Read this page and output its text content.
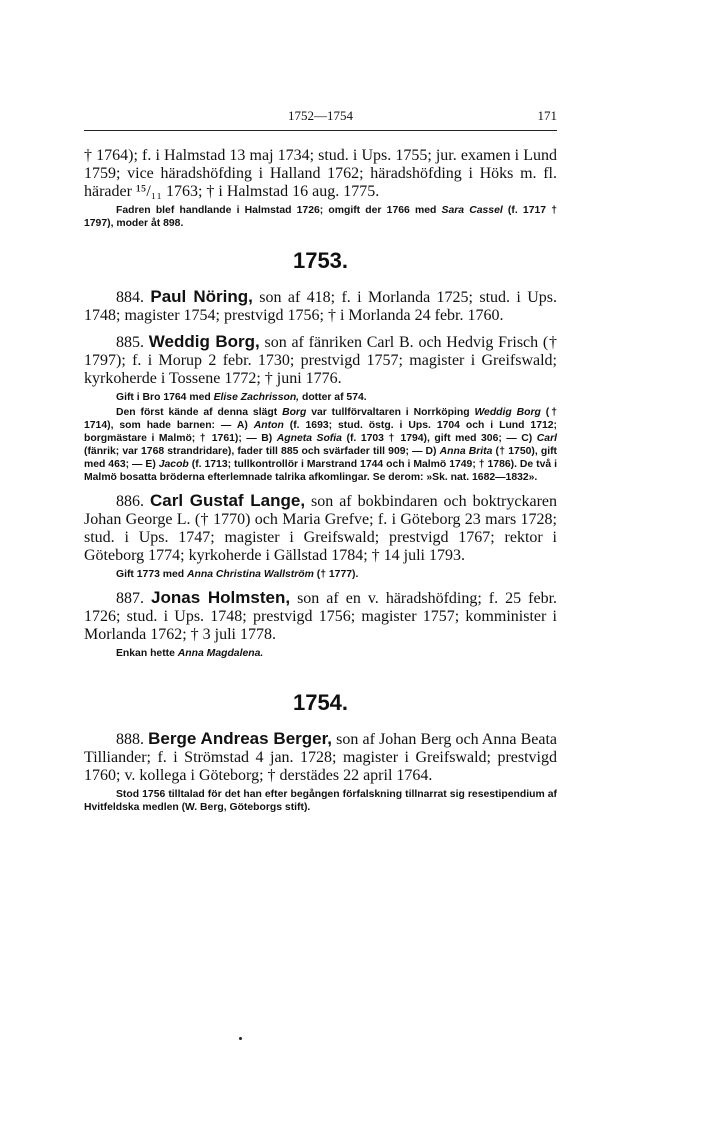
1752—1754	171

† 1764); f. i Halmstad 13 maj 1734; stud. i Ups. 1755; jur. examen i Lund 1759; vice häradshöfding i Halland 1762; häradshöfding i Höks m. fl. härader ¹⁵/₁₁ 1763; † i Halmstad 16 aug. 1775.

Fadren blef handlande i Halmstad 1726; omgift der 1766 med Sara Cassel (f. 1717 † 1797), moder åt 898.

1753.

884. Paul Nöring, son af 418; f. i Morlanda 1725; stud. i Ups. 1748; magister 1754; prestvigd 1756; † i Morlanda 24 febr. 1760.

885. Weddig Borg, son af fänriken Carl B. och Hedvig Frisch († 1797); f. i Morup 2 febr. 1730; prestvigd 1757; magister i Greifswald; kyrkoherde i Tossene 1772; † juni 1776.

Gift i Bro 1764 med Elise Zachrisson, dotter af 574.

Den först kände af denna slägt Borg var tullförvaltaren i Norrköping Weddig Borg († 1714), som hade barnen: — A) Anton (f. 1693; stud. östg. i Ups. 1704 och i Lund 1712; borgmästare i Malmö; † 1761); — B) Agneta Sofia (f. 1703 † 1794), gift med 306; — C) Carl (fänrik; var 1768 strandridare), fader till 885 och svärfader till 909; — D) Anna Brita († 1750), gift med 463; — E) Jacob (f. 1713; tullkontrollör i Marstrand 1744 och i Malmö 1749; † 1786). De två i Malmö bosatta bröderna efterlemnade talrika afkomlingar. Se derom: »Sk. nat. 1682—1832».

886. Carl Gustaf Lange, son af bokbindaren och boktryckaren Johan George L. († 1770) och Maria Grefve; f. i Göteborg 23 mars 1728; stud. i Ups. 1747; magister i Greifswald; prestvigd 1767; rektor i Göteborg 1774; kyrkoherde i Gällstad 1784; † 14 juli 1793.

Gift 1773 med Anna Christina Wallström († 1777).

887. Jonas Holmsten, son af en v. häradshöfding; f. 25 febr. 1726; stud. i Ups. 1748; prestvigd 1756; magister 1757; komminister i Morlanda 1762; † 3 juli 1778.

Enkan hette Anna Magdalena.

1754.

888. Berge Andreas Berger, son af Johan Berg och Anna Beata Tilliander; f. i Strömstad 4 jan. 1728; magister i Greifswald; prestvigd 1760; v. kollega i Göteborg; † derstädes 22 april 1764.

Stod 1756 tilltalad för det han efter begången förfalskning tillnarrat sig resestipendium af Hvitfeldska medlen (W. Berg, Göteborgs stift).
